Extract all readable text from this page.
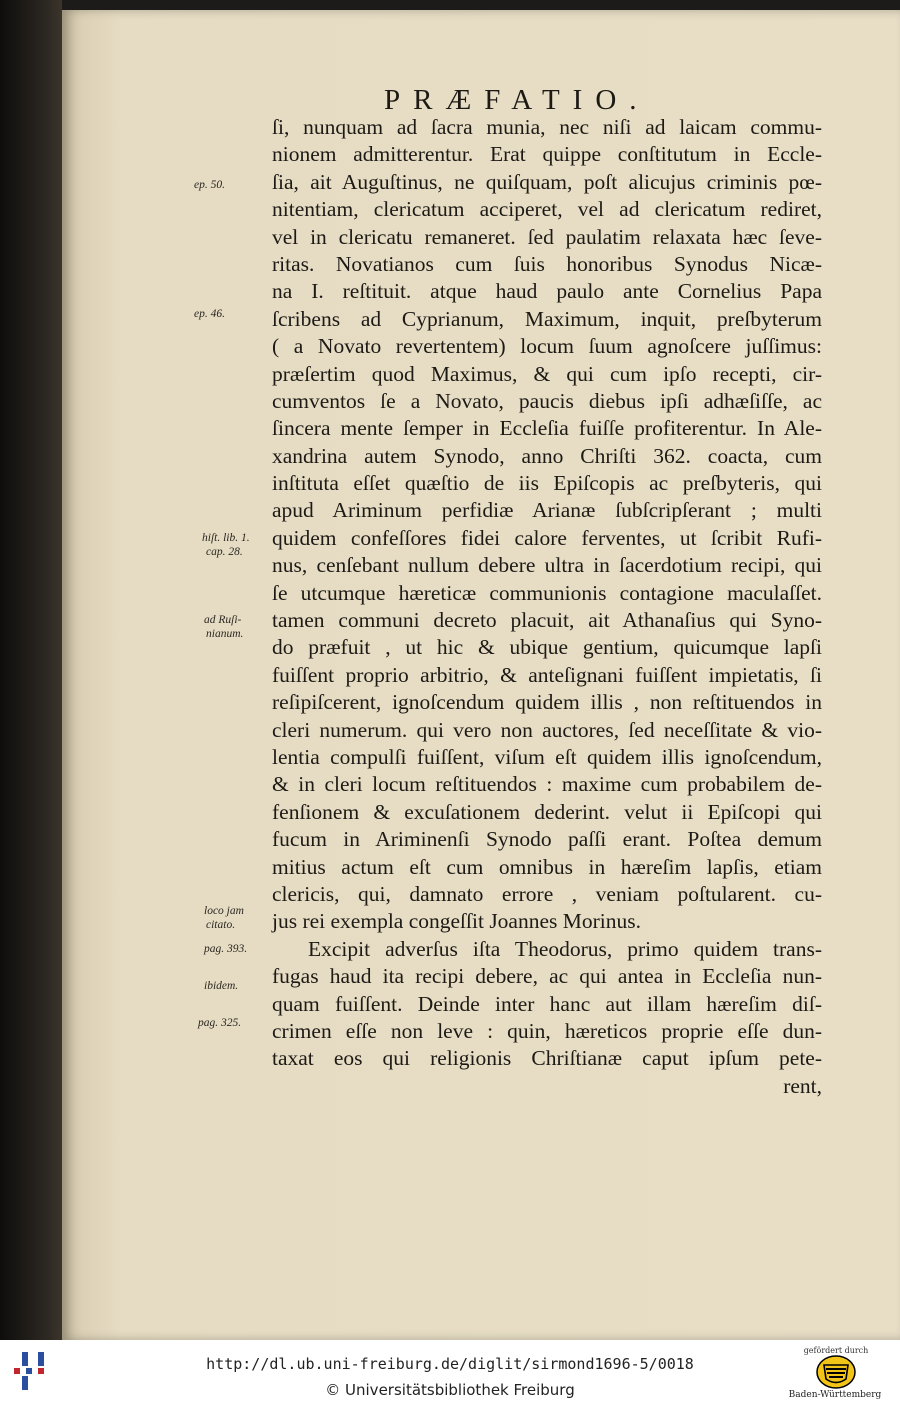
PRÆFATIO.
ſi, nunquam ad ſacra munia, nec niſi ad laicam commu-
nionem admitterentur. Erat quippe conſtitutum in Eccle-
ſia, ait Auguſtinus, ne quiſquam, poſt alicujus criminis pœ-
nitentiam, clericatum acciperet, vel ad clericatum rediret,
vel in clericatu remaneret. ſed paulatim relaxata hæc ſeve-
ritas. Novatianos cum ſuis honoribus Synodus Nicæ-
na I. reſtituit. atque haud paulo ante Cornelius Papa
ſcribens ad Cyprianum, Maximum, inquit, preſbyterum
( a Novato revertentem) locum ſuum agnoſcere juſſimus:
præſertim quod Maximus, & qui cum ipſo recepti, cir-
cumventos ſe a Novato, paucis diebus ipſi adhæſiſſe, ac
ſincera mente ſemper in Eccleſia fuiſſe profiterentur. In Ale-
xandrina autem Synodo, anno Chriſti 362. coacta, cum
inſtituta eſſet quæſtio de iis Epiſcopis ac preſbyteris, qui
apud Ariminum perfidiæ Arianæ ſubſcripſerant ; multi
quidem confeſſores fidei calore ferventes, ut ſcribit Rufi-
nus, cenſebant nullum debere ultra in ſacerdotium recipi, qui
ſe utcumque hæreticæ communionis contagione maculaſſet.
tamen communi decreto placuit, ait Athanaſius qui Syno-
do præfuit , ut hic & ubique gentium, quicumque lapſi
fuiſſent proprio arbitrio, & anteſignani fuiſſent impietatis, ſi
reſipiſcerent, ignoſcendum quidem illis , non reſtituendos in
cleri numerum. qui vero non auctores, ſed neceſſitate & vio-
lentia compulſi fuiſſent, viſum eſt quidem illis ignoſcendum,
& in cleri locum reſtituendos : maxime cum probabilem de-
fenſionem & excuſationem dederint. velut ii Epiſcopi qui
fucum in Ariminenſi Synodo paſſi erant. Poſtea demum
mitius actum eſt cum omnibus in hæreſim lapſis, etiam
clericis, qui, damnato errore , veniam poſtularent. cu-
jus rei exempla congeſſit Joannes Morinus.
Excipit adverſus iſta Theodorus, primo quidem trans-
fugas haud ita recipi debere, ac qui antea in Eccleſia nun-
quam fuiſſent. Deinde inter hanc aut illam hæreſim diſ-
crimen eſſe non leve : quin, hæreticos proprie eſſe dun-
taxat eos qui religionis Chriſtianæ caput ipſum pete-
rent,
ep. 50.
ep. 46.
hiſt. lib. 1.
cap. 28.
ad Ruſi-
nianum.
loco jam
citato.
pag. 393.
ibidem.
pag. 325.
http://dl.ub.uni-freiburg.de/diglit/sirmond1696-5/0018
© Universitätsbibliothek Freiburg
gefördert durch
Baden-Württemberg
